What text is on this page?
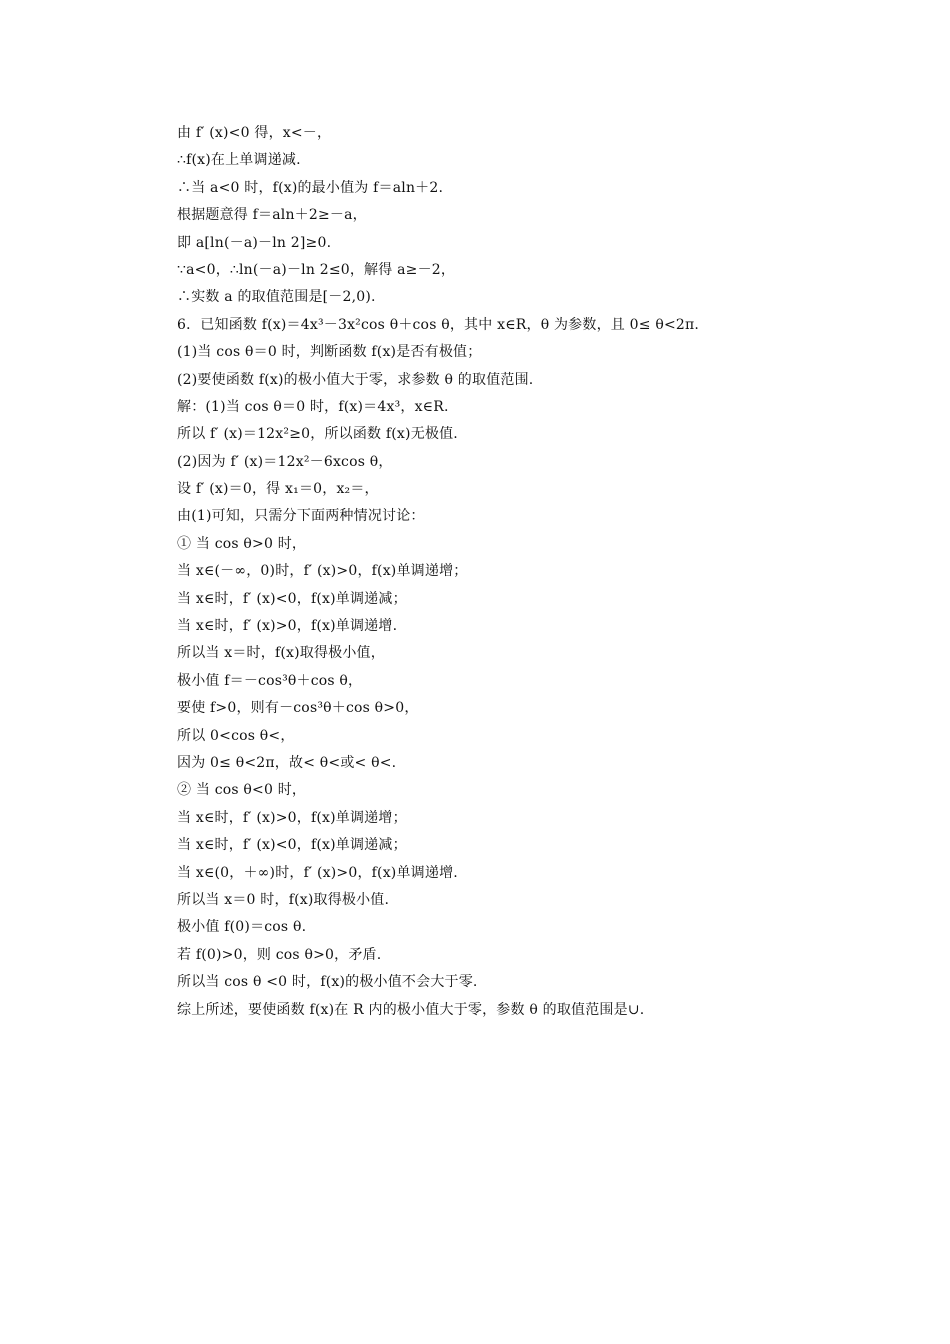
由 f′ (x)<0 得，x<－，
∴f(x)在上单调递减.
∴当 a<0 时，f(x)的最小值为 f＝aln＋2.
根据题意得 f＝aln＋2≥－a，
即 a[ln(－a)－ln 2]≥0.
∵a<0，∴ln(－a)－ln 2≤0，解得 a≥－2，
∴实数 a 的取值范围是[－2,0).
6．已知函数 f(x)＝4x³－3x²cos θ＋cos θ，其中 x∈R，θ 为参数，且 0≤ θ<2π.
(1)当 cos θ＝0 时，判断函数 f(x)是否有极值；
(2)要使函数 f(x)的极小值大于零，求参数 θ 的取值范围.
解：(1)当 cos θ＝0 时，f(x)＝4x³，x∈R.
所以 f′ (x)＝12x²≥0，所以函数 f(x)无极值.
(2)因为 f′ (x)＝12x²－6xcos θ，
设 f′ (x)＝0，得 x₁＝0，x₂＝，
由(1)可知，只需分下面两种情况讨论：
① 当 cos θ>0 时，
当 x∈(－∞，0)时，f′ (x)>0，f(x)单调递增；
当 x∈时，f′ (x)<0，f(x)单调递减；
当 x∈时，f′ (x)>0，f(x)单调递增.
所以当 x＝时，f(x)取得极小值，
极小值 f＝－cos³θ＋cos θ，
要使 f>0，则有－cos³θ＋cos θ>0，
所以 0<cos θ<，
因为 0≤ θ<2π，故< θ<或< θ<.
② 当 cos θ<0 时，
当 x∈时，f′ (x)>0，f(x)单调递增；
当 x∈时，f′ (x)<0，f(x)单调递减；
当 x∈(0，＋∞)时，f′ (x)>0，f(x)单调递增.
所以当 x＝0 时，f(x)取得极小值.
极小值 f(0)＝cos θ.
若 f(0)>0，则 cos θ>0，矛盾.
所以当 cos θ <0 时，f(x)的极小值不会大于零.
综上所述，要使函数 f(x)在 R 内的极小值大于零，参数 θ 的取值范围是∪.
